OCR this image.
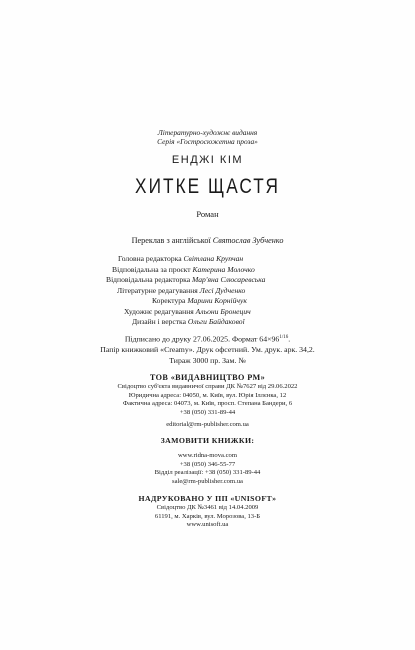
Літературно-художнє видання
Серія «Гостросюжетна проза»
ЕНДЖІ КІМ
ХИТКЕ ЩАСТЯ
Роман
Переклав з англійської Святослав Зубченко
Головна редакторка Світлана Крупчан
Відповідальна за проєкт Катерина Молочко
Відповідальна редакторка Мар'яна Слюсаревська
Літературне редагування Лесі Дудченко
Коректура Марини Корнійчук
Художнє редагування Альони Бронецич
Дизайн і верстка Ольги Байдакової
Підписано до друку 27.06.2025. Формат $64\times 96^{1/16}$.
Папір книжковий «Creamy». Друк офсетний. Ум. друк. арк. 34,2.
Тираж 3000 пр. Зам. №
ТОВ «ВИДАВНИЦТВО РМ»
Свідоцтво суб'єкта видавничої справи ДК №7627 від 29.06.2022
Юридична адреса: 04050, м. Київ, вул. Юрія Іллєнка, 12
Фактична адреса: 04073, м. Київ, просп. Степана Бандери, 6
+38 (050) 331-89-44
editorial@rm-publisher.com.ua
ЗАМОВИТИ КНИЖКИ:
www.ridna-mova.com
+38 (050) 346-55-77
Відділ реалізації: +38 (050) 331-89-44
sale@rm-publisher.com.ua
НАДРУКОВАНО У ПП «UNISOFT»
Свідоцтво ДК №3461 від 14.04.2009
61191, м. Харків, вул. Морозова, 13-Б
www.unisoft.ua
